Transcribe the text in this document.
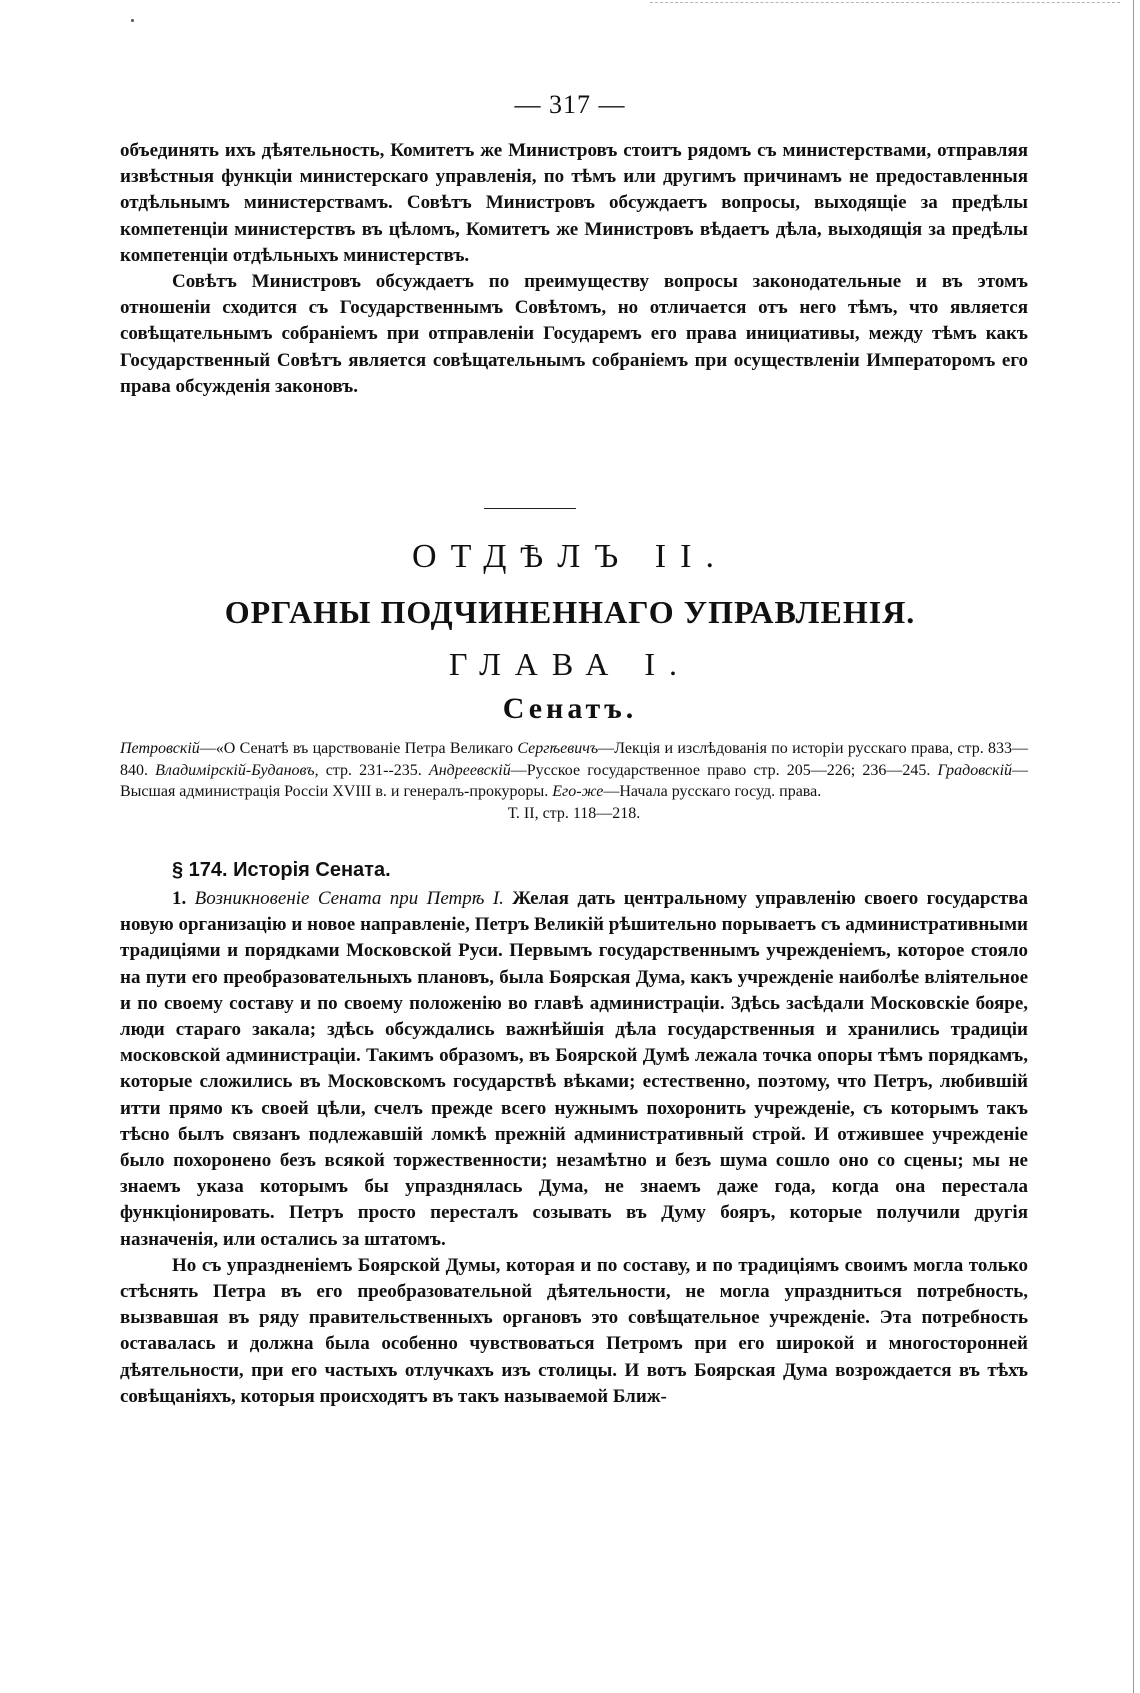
— 317 —

объединять ихъ дѣятельность, Комитетъ же Министровъ стоитъ рядомъ съ министерствами, отправляя извѣстныя функціи министерскаго управленія, по тѣмъ или другимъ причинамъ не предоставленныя отдѣльнымъ министерствамъ. Совѣтъ Министровъ обсуждаетъ вопросы, выходящіе за предѣлы компетенціи министерствъ въ цѣломъ, Комитетъ же Министровъ вѣдаетъ дѣла, выходящія за предѣлы компетенціи отдѣльныхъ министерствъ.

Совѣтъ Министровъ обсуждаетъ по преимуществу вопросы законодательные и въ этомъ отношеніи сходится съ Государственнымъ Совѣтомъ, но отличается отъ него тѣмъ, что является совѣщательнымъ собраніемъ при отправленіи Государемъ его права инициативы, между тѣмъ какъ Государственный Совѣтъ является совѣщательнымъ собраніемъ при осуществленіи Императоромъ его права обсужденія законовъ.

ОТДѢЛЪ II.
ОРГАНЫ ПОДЧИНЕННАГО УПРАВЛЕНІЯ.
ГЛАВА I.
Сенатъ.
Петровскій—«О Сенатѣ въ царствованіе Петра Великаго Сергѣевичъ—Лекція и изслѣдованія по исторіи русскаго права, стр. 833—840. Владимірскій-Будановъ, стр. 231--235. Андреевскій—Русское государственное право стр. 205—226; 236—245. Градовскій—Высшая администрація Россіи XVIII в. и генералъ-прокуроры. Его-же—Начала русскаго госуд. права.
Т. II, стр. 118—218.
§ 174. Исторія Сената.

1. Возникновеніе Сената при Петрѣ I. Желая дать центральному управленію своего государства новую организацію и новое направленіе, Петръ Великій рѣшительно порываетъ съ административными традиціями и порядками Московской Руси. Первымъ государственнымъ учрежденіемъ, которое стояло на пути его преобразовательныхъ плановъ, была Боярская Дума, какъ учрежденіе наиболѣе вліятельное и по своему составу и по своему положенію во главѣ администраціи. Здѣсь засѣдали Московскіе бояре, люди стараго закала; здѣсь обсуждались важнѣйшія дѣла государственныя и хранились традиціи московской администраціи. Такимъ образомъ, въ Боярской Думѣ лежала точка опоры тѣмъ порядкамъ, которые сложились въ Московскомъ государствѣ вѣками; естественно, поэтому, что Петръ, любившій итти прямо къ своей цѣли, счелъ прежде всего нужнымъ похоронить учрежденіе, съ которымъ такъ тѣсно былъ связанъ подлежавшій ломкѣ прежній административный строй. И отжившее учрежденіе было похоронено безъ всякой торжественности; незамѣтно и безъ шума сошло оно со сцены; мы не знаемъ указа которымъ бы упразднялась Дума, не знаемъ даже года, когда она перестала функціонировать. Петръ просто пересталъ созывать въ Думу бояръ, которые получили другія назначенія, или остались за штатомъ.

Но съ упраздненіемъ Боярской Думы, которая и по составу, и по традиціямъ своимъ могла только стѣснять Петра въ его преобразовательной дѣятельности, не могла упраздниться потребность, вызвавшая въ ряду правительственныхъ органовъ это совѣщательное учрежденіе. Эта потребность оставалась и должна была особенно чувствоваться Петромъ при его широкой и многосторонней дѣятельности, при его частыхъ отлучкахъ изъ столицы. И вотъ Боярская Дума возрождается въ тѣхъ совѣщаніяхъ, которыя происходятъ въ такъ называемой Ближ-
